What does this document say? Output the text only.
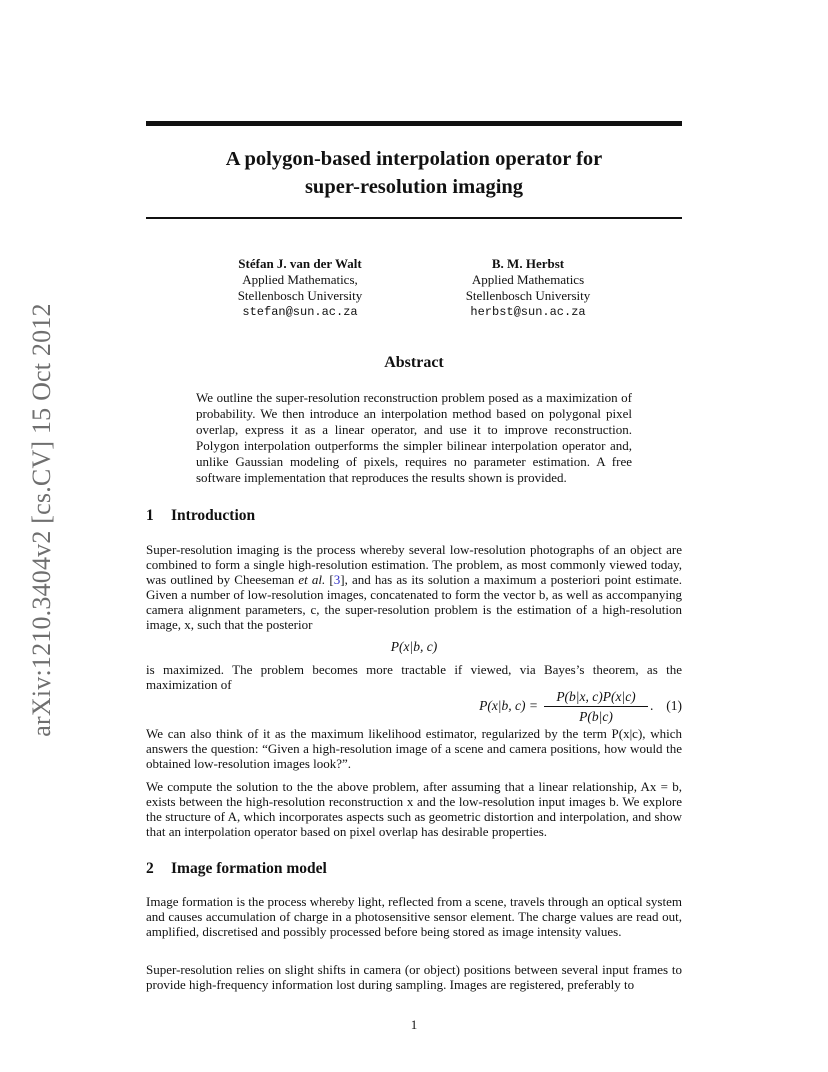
arXiv:1210.3404v2 [cs.CV] 15 Oct 2012
A polygon-based interpolation operator for
super-resolution imaging
Stéfan J. van der Walt
Applied Mathematics,
Stellenbosch University
stefan@sun.ac.za
B. M. Herbst
Applied Mathematics
Stellenbosch University
herbst@sun.ac.za
Abstract
We outline the super-resolution reconstruction problem posed as a maximization of probability. We then introduce an interpolation method based on polygonal pixel overlap, express it as a linear operator, and use it to improve reconstruction. Polygon interpolation outperforms the simpler bilinear interpolation operator and, unlike Gaussian modeling of pixels, requires no parameter estimation. A free software implementation that reproduces the results shown is provided.
1 Introduction
Super-resolution imaging is the process whereby several low-resolution photographs of an object are combined to form a single high-resolution estimation. The problem, as most commonly viewed today, was outlined by Cheeseman et al. [3], and has as its solution a maximum a posteriori point estimate. Given a number of low-resolution images, concatenated to form the vector b, as well as accompanying camera alignment parameters, c, the super-resolution problem is the estimation of a high-resolution image, x, such that the posterior
P(x|b, c)
is maximized. The problem becomes more tractable if viewed, via Bayes’s theorem, as the maximization of
P(x|b, c) =
P(b|x, c)P(x|c)
P(b|c)
. (1)
We can also think of it as the maximum likelihood estimator, regularized by the term P(x|c), which answers the question: “Given a high-resolution image of a scene and camera positions, how would the obtained low-resolution images look?”.
We compute the solution to the the above problem, after assuming that a linear relationship, Ax = b, exists between the high-resolution reconstruction x and the low-resolution input images b. We explore the structure of A, which incorporates aspects such as geometric distortion and interpolation, and show that an interpolation operator based on pixel overlap has desirable properties.
2 Image formation model
Image formation is the process whereby light, reflected from a scene, travels through an optical system and causes accumulation of charge in a photosensitive sensor element. The charge values are read out, amplified, discretised and possibly processed before being stored as image intensity values.
Super-resolution relies on slight shifts in camera (or object) positions between several input frames to provide high-frequency information lost during sampling. Images are registered, preferably to
1
